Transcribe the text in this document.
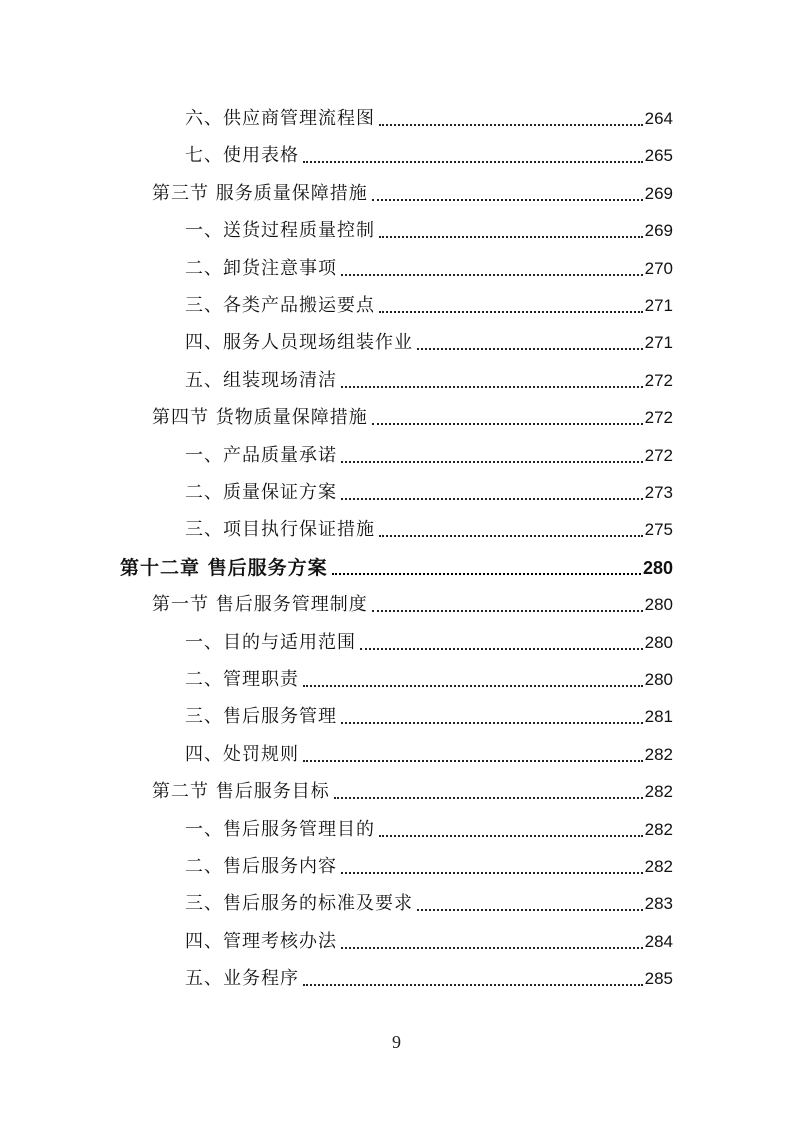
六、供应商管理流程图	264
七、使用表格	265
第三节 服务质量保障措施	269
一、送货过程质量控制	269
二、卸货注意事项	270
三、各类产品搬运要点	271
四、服务人员现场组装作业	271
五、组装现场清洁	272
第四节 货物质量保障措施	272
一、产品质量承诺	272
二、质量保证方案	273
三、项目执行保证措施	275
第十二章 售后服务方案	280
第一节 售后服务管理制度	280
一、目的与适用范围	280
二、管理职责	280
三、售后服务管理	281
四、处罚规则	282
第二节 售后服务目标	282
一、售后服务管理目的	282
二、售后服务内容	282
三、售后服务的标准及要求	283
四、管理考核办法	284
五、业务程序	285
9
